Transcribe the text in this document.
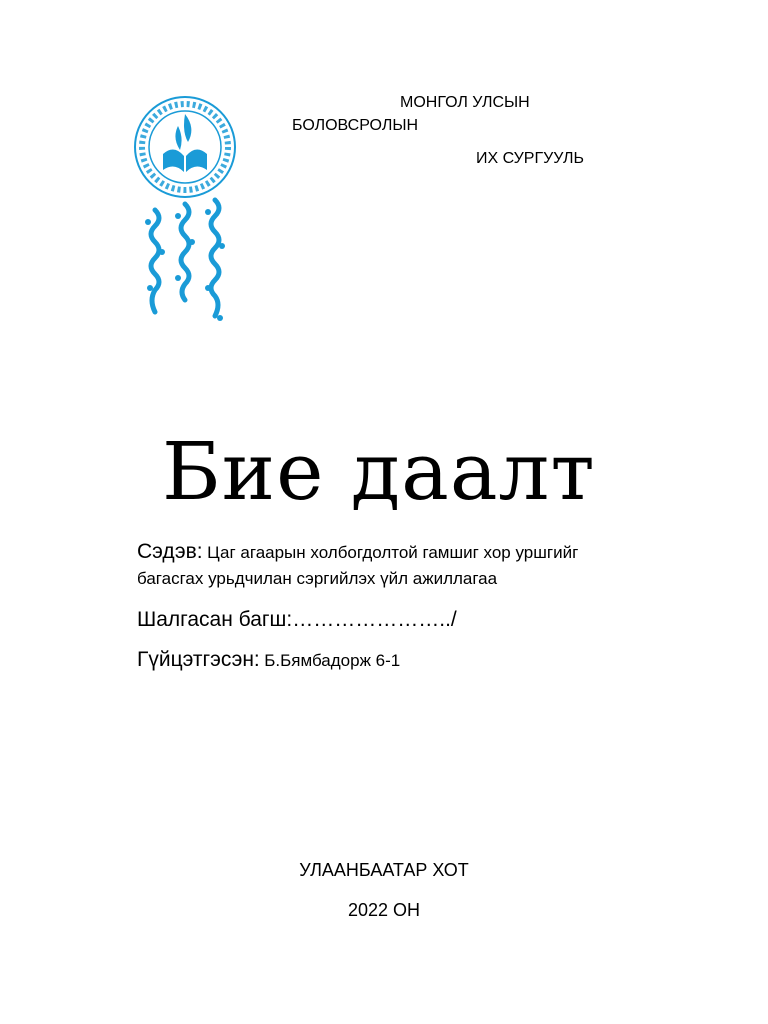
МОНГОЛ УЛСЫН

БОЛОВСРОЛЫН

ИХ СУРГУУЛЬ

Бие даалт
Сэдэв: Цаг агаарын холбогдолтой гамшиг хор уршгийг

багасгах урьдчилан сэргийлэх үйл ажиллагаа

Шалгасан багш:…………………../

Гүйцэтгэсэн: Б.Бямбадорж 6-1

УЛААНБААТАР ХОТ

2022 ОН
